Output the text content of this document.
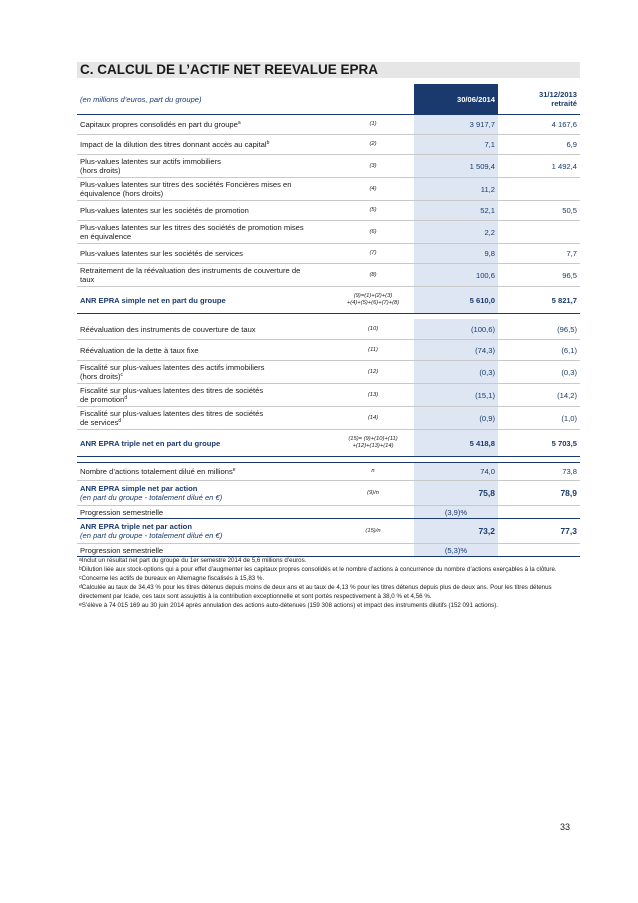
C. CALCUL DE L’ACTIF NET REEVALUE EPRA
(en millions d’euros, part du groupe)		30/06/2014	31/12/2013
retraité

Capitaux propres consolidés en part du groupe$^a$	(1)	3 917,7	4 167,6
Impact de la dilution des titres donnant accès au capital$^b$	(2)	7,1	6,9

Plus-values latentes sur actifs immobiliers
(hors droits)	(3)	1 509,4	1 492,4

Plus-values latentes sur titres des sociétés Foncières mises en
équivalence (hors droits)	(4)	11,2	
Plus-values latentes sur les sociétés de promotion	(5)	52,1	50,5

Plus-values latentes sur les titres des sociétés de promotion mises
en équivalence	(6)	2,2	
Plus-values latentes sur les sociétés de services	(7)	9,8	7,7

Retraitement de la réévaluation des instruments de couverture de
taux	(8)	100,6	96,5
ANR EPRA simple net en part du groupe	(9)=(1)+(2)+(3)
+(4)+(5)+(6)+(7)+(8)	5 610,0	5 821,7

Réévaluation des instruments de couverture de taux	(10)	(100,6)	(96,5)
Réévaluation de la dette à taux fixe	(11)	(74,3)	(6,1)

Fiscalité sur plus-values latentes des actifs immobiliers
(hors droits)$^c$	(12)	(0,3)	(0,3)

Fiscalité sur plus-values latentes des titres de sociétés
de promotion$^d$	(13)	(15,1)	(14,2)

Fiscalité sur plus-values latentes des titres de sociétés
de services$^d$	(14)	(0,9)	(1,0)
ANR EPRA triple net en part du groupe	(15)= (9)+(10)+(11)
+(12)+(13)+(14)	5 418,8	5 703,5

Nombre d’actions totalement dilué en millions$^e$	n	74,0	73,8

ANR EPRA simple net par action
(en part du groupe - totalement dilué en €)	(9)/n	75,8	78,9
Progression semestrielle		(3,9)%	

ANR EPRA triple net par action
(en part du groupe - totalement dilué en €)	(15)/n	73,2	77,3
Progression semestrielle		(5,3)%	

$^a$Inclut un résultat net part du groupe du 1er semestre 2014 de 5,6 millions d’euros.

$^b$Dilution liée aux stock-options qui a pour effet d’augmenter les capitaux propres consolidés et le nombre d’actions à concurrence du nombre d’actions exerçables à la clôture.

$^c$Concerne les actifs de bureaux en Allemagne fiscalisés à 15,83 %.

$^d$Calculée au taux de 34,43 % pour les titres détenus depuis moins de deux ans et au taux de 4,13 % pour les titres détenus depuis plus de deux ans. Pour les titres détenus directement par Icade, ces taux sont assujettis à la contribution exceptionnelle et sont portés respectivement à 38,0 % et 4,56 %.

$^e$S’élève à 74 015 169 au 30 juin 2014 après annulation des actions auto-détenues (159 308 actions) et impact des instruments dilutifs (152 091 actions).

33
